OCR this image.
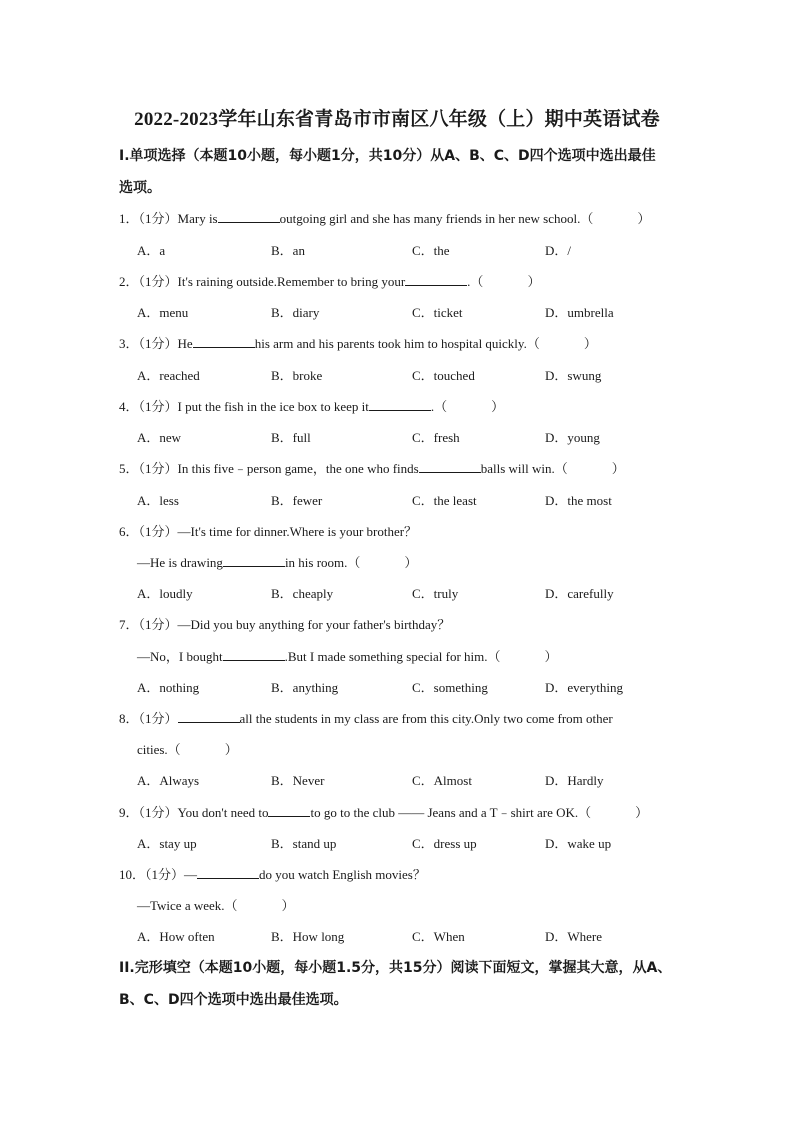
2022-2023学年山东省青岛市市南区八年级（上）期中英语试卷
I.单项选择（本题10小题，每小题1分，共10分）从A、B、C、D四个选项中选出最佳
选项。
1．（1分）Mary is	outgoing girl and she has many friends in her new school.（	）
A．a	B．an	C．the	D．/
2．（1分）It's raining outside.Remember to bring your	.（	）
A．menu	B．diary	C．ticket	D．umbrella
3．（1分）He	his arm and his parents took him to hospital quickly.（	）
A．reached	B．broke	C．touched	D．swung
4．（1分）I put the fish in the ice box to keep it	.（	）
A．new	B．full	C．fresh	D．young
5．（1分）In this five﹣person game，the one who finds	balls will win.（	）
A．less	B．fewer	C．the least	D．the most
6．（1分）—It's time for dinner.Where is your brother？
—He is drawing	in his room.（	）
A．loudly	B．cheaply	C．truly	D．carefully
7．（1分）—Did you buy anything for your father's birthday？
—No，I bought	.But I made something special for him.（	）
A．nothing	B．anything	C．something	D．everything
8．（1分）	all the students in my class are from this city.Only two come from other
cities.（	）
A．Always	B．Never	C．Almost	D．Hardly
9．（1分）You don't need to	to go to the club —— Jeans and a T﹣shirt are OK.（	）
A．stay up	B．stand up	C．dress up	D．wake up
10．（1分）—	do you watch English movies？
—Twice a week.（	）
A．How often	B．How long	C．When	D．Where
II.完形填空（本题10小题，每小题1.5分，共15分）阅读下面短文，掌握其大意，从A、
B、C、D四个选项中选出最佳选项。
